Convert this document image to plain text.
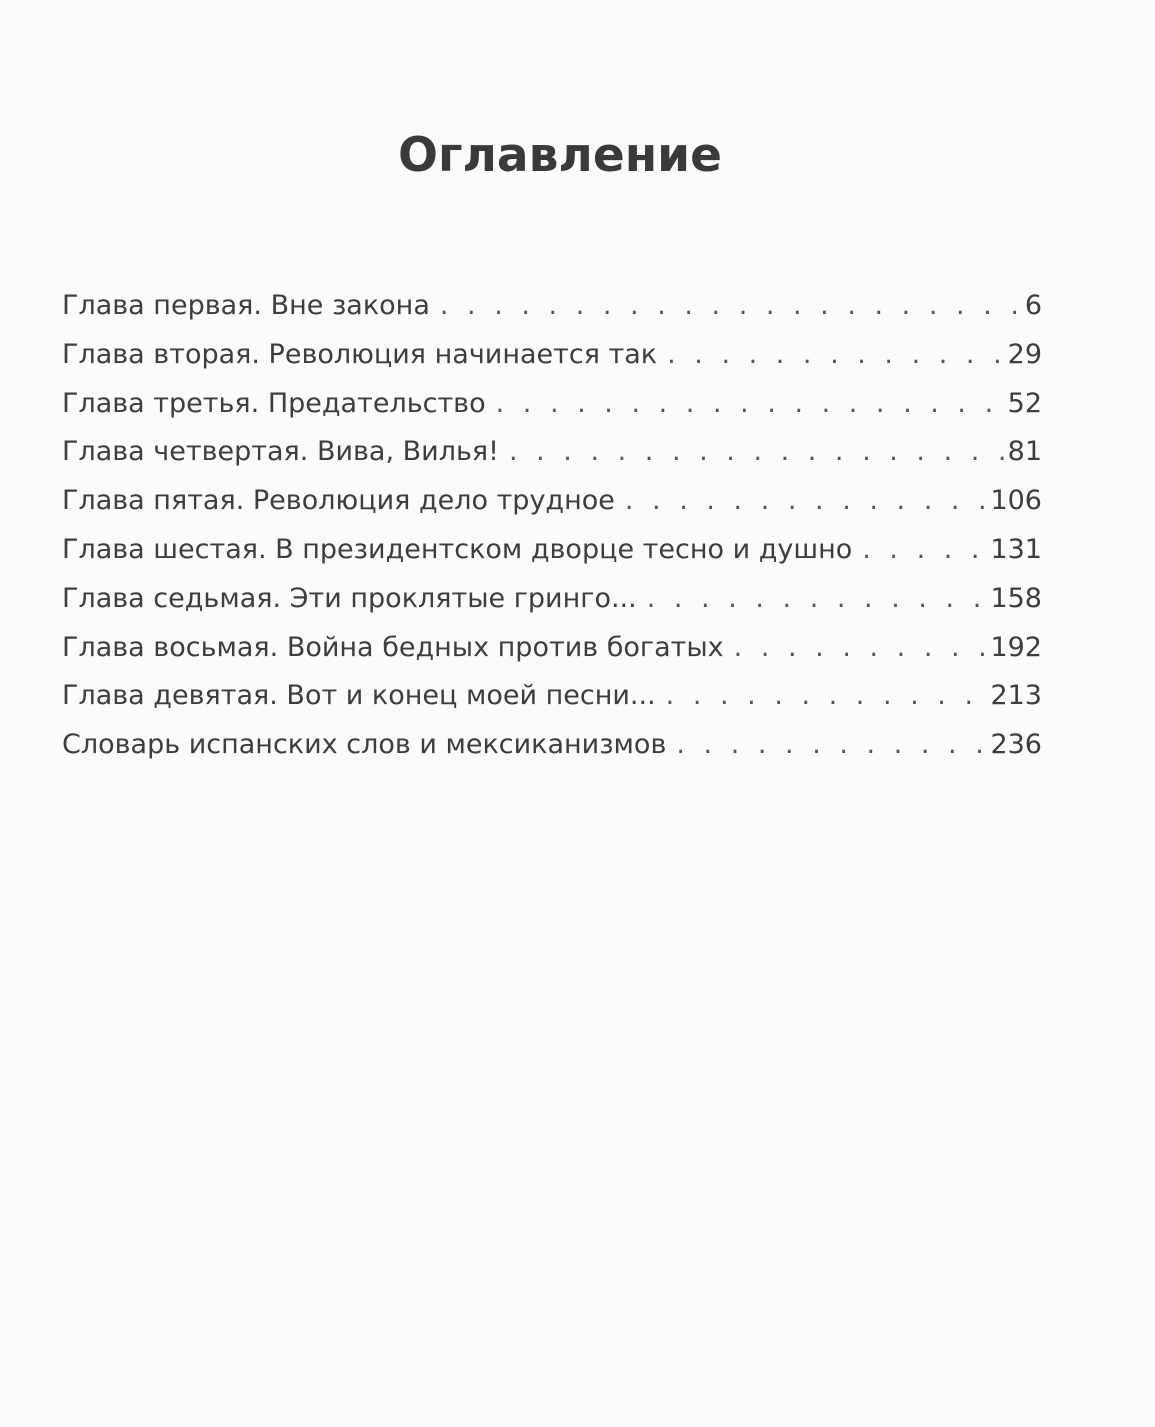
Оглавление
Глава первая. Вне закона . . .	6
Глава вторая. Революция начинается так . . .	29
Глава третья. Предательство . . .	52
Глава четвертая. Вива, Вилья! . . .	81
Глава пятая. Революция дело трудное . . .	106
Глава шестая. В президентском дворце тесно и душно . . .	131
Глава седьмая. Эти проклятые гринго... . . .	158
Глава восьмая. Война бедных против богатых . . .	192
Глава девятая. Вот и конец моей песни... . . .	213
Словарь испанских слов и мексиканизмов . . .	236
